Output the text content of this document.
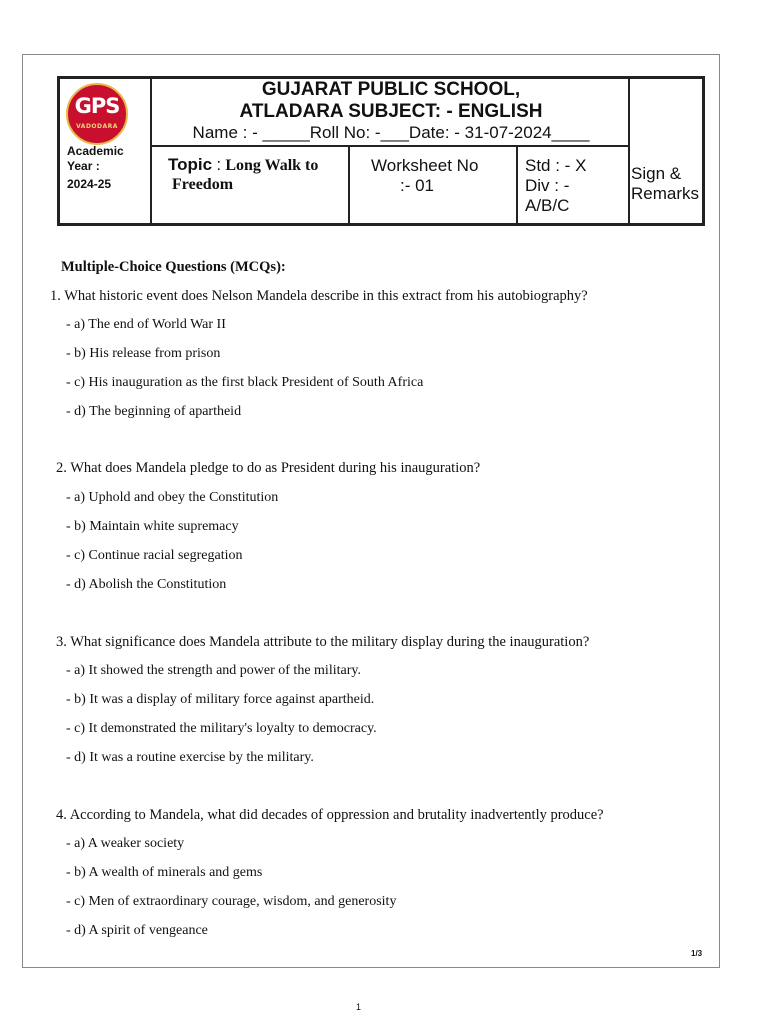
GPS
VADODARA
Academic
Year :
2024-25
GUJARAT PUBLIC SCHOOL,
ATLADARA SUBJECT: - ENGLISH
Name : - _____Roll No: -___Date: - 31-07-2024____
Topic : Long Walk to
Freedom
Worksheet No
:- 01
Std : - X
Div : -
A/B/C
Sign &
Remarks
Multiple-Choice Questions (MCQs):
1. What historic event does Nelson Mandela describe in this extract from his autobiography?
- a) The end of World War II
- b) His release from prison
- c) His inauguration as the first black President of South Africa
- d) The beginning of apartheid
2. What does Mandela pledge to do as President during his inauguration?
- a) Uphold and obey the Constitution
- b) Maintain white supremacy
- c) Continue racial segregation
- d) Abolish the Constitution
3. What significance does Mandela attribute to the military display during the inauguration?
- a) It showed the strength and power of the military.
- b) It was a display of military force against apartheid.
- c) It demonstrated the military's loyalty to democracy.
- d) It was a routine exercise by the military.
4. According to Mandela, what did decades of oppression and brutality inadvertently produce?
- a) A weaker society
- b) A wealth of minerals and gems
- c) Men of extraordinary courage, wisdom, and generosity
- d) A spirit of vengeance
1/3
1
